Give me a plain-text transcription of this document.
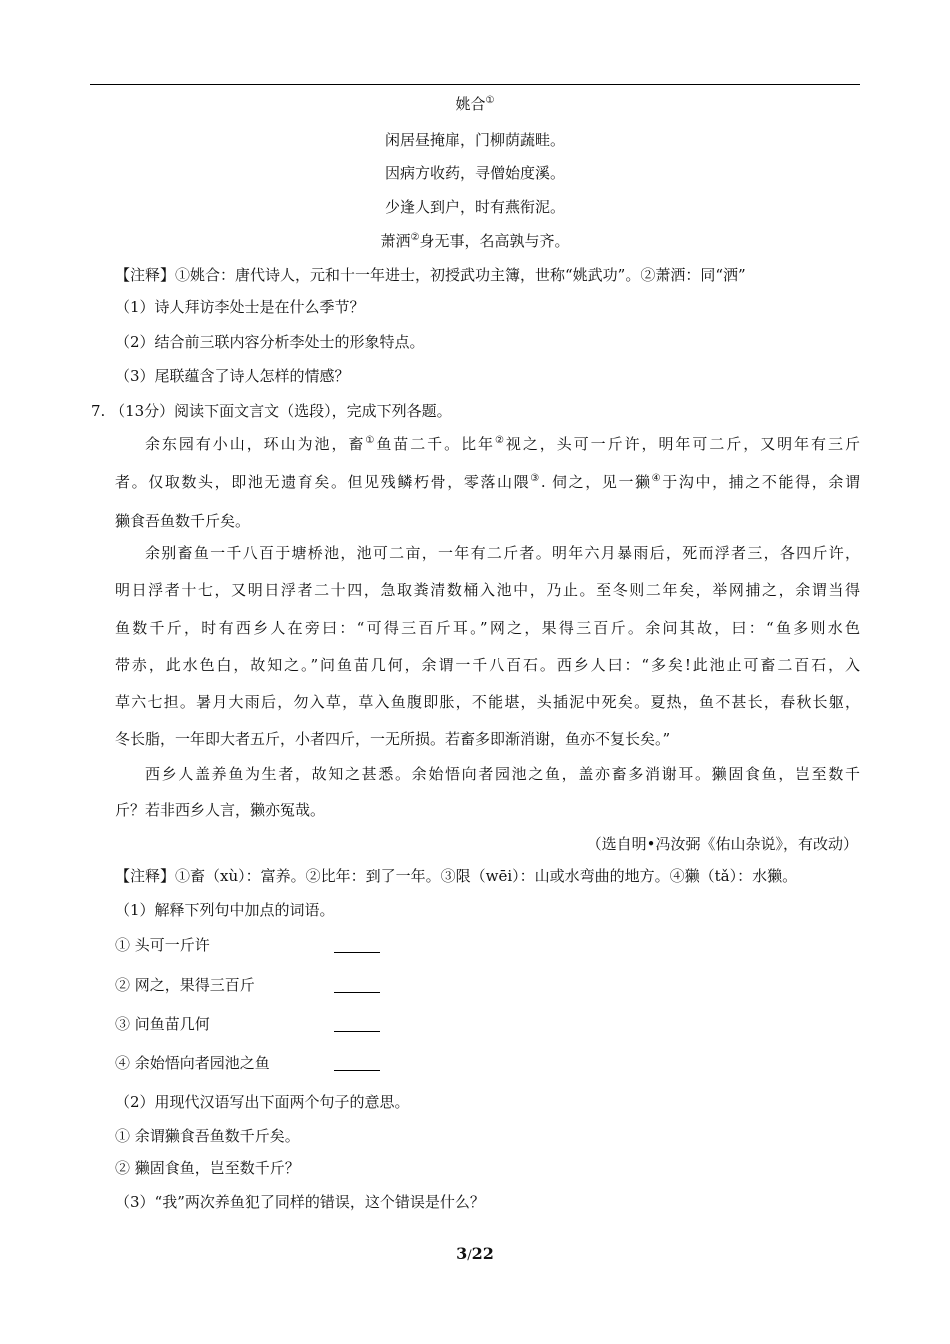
姚合①
闲居昼掩扉，门柳荫蔬畦。
因病方收药，寻僧始度溪。
少逢人到户，时有燕衔泥。
萧洒②身无事，名高孰与齐。
【注释】①姚合：唐代诗人，元和十一年进士，初授武功主簿，世称“姚武功”。②萧洒：同“洒”
（1）诗人拜访李处士是在什么季节？
（2）结合前三联内容分析李处士的形象特点。
（3）尾联蕴含了诗人怎样的情感？
7. （13分）阅读下面文言文（选段），完成下列各题。
余东园有小山，环山为池，畜①鱼苗二千。比年②视之，头可一斤许，明年可二斤，又明年有三斤
者。仅取数头，即池无遗育矣。但见残鳞朽骨，零落山隈③. 伺之，见一獭④于沟中，捕之不能得，余谓
獭食吾鱼数千斤矣。
余别畜鱼一千八百于塘桥池，池可二亩，一年有二斤者。明年六月暴雨后，死而浮者三，各四斤许，
明日浮者十七，又明日浮者二十四，急取粪清数桶入池中，乃止。至冬则二年矣，举网捕之，余谓当得
鱼数千斤，时有西乡人在旁曰：“可得三百斤耳。”网之，果得三百斤。余问其故，曰：“鱼多则水色
带赤，此水色白，故知之。”问鱼苗几何，余谓一千八百石。西乡人曰：“多矣!此池止可畜二百石，入
草六七担。暑月大雨后，勿入草，草入鱼腹即胀，不能堪，头插泥中死矣。夏热，鱼不甚长，春秋长躯，
冬长脂，一年即大者五斤，小者四斤，一无所损。若畜多即渐消谢，鱼亦不复长矣。”
西乡人盖养鱼为生者，故知之甚悉。余始悟向者园池之鱼，盖亦畜多消谢耳。獭固食鱼，岂至数千
斤？若非西乡人言，獭亦冤哉。
（选自明•冯汝弼《佑山杂说》，有改动）
【注释】①畜（xù）：富养。②比年：到了一年。③限（wēi）：山或水弯曲的地方。④獭（tǎ）：水獭。
（1）解释下列句中加点的词语。
① 头可一斤许
② 网之，果得三百斤
③ 问鱼苗几何
④ 余始悟向者园池之鱼
（2）用现代汉语写出下面两个句子的意思。
① 余谓獭食吾鱼数千斤矣。
② 獭固食鱼，岂至数千斤？
（3）“我”两次养鱼犯了同样的错误，这个错误是什么？
3/22
